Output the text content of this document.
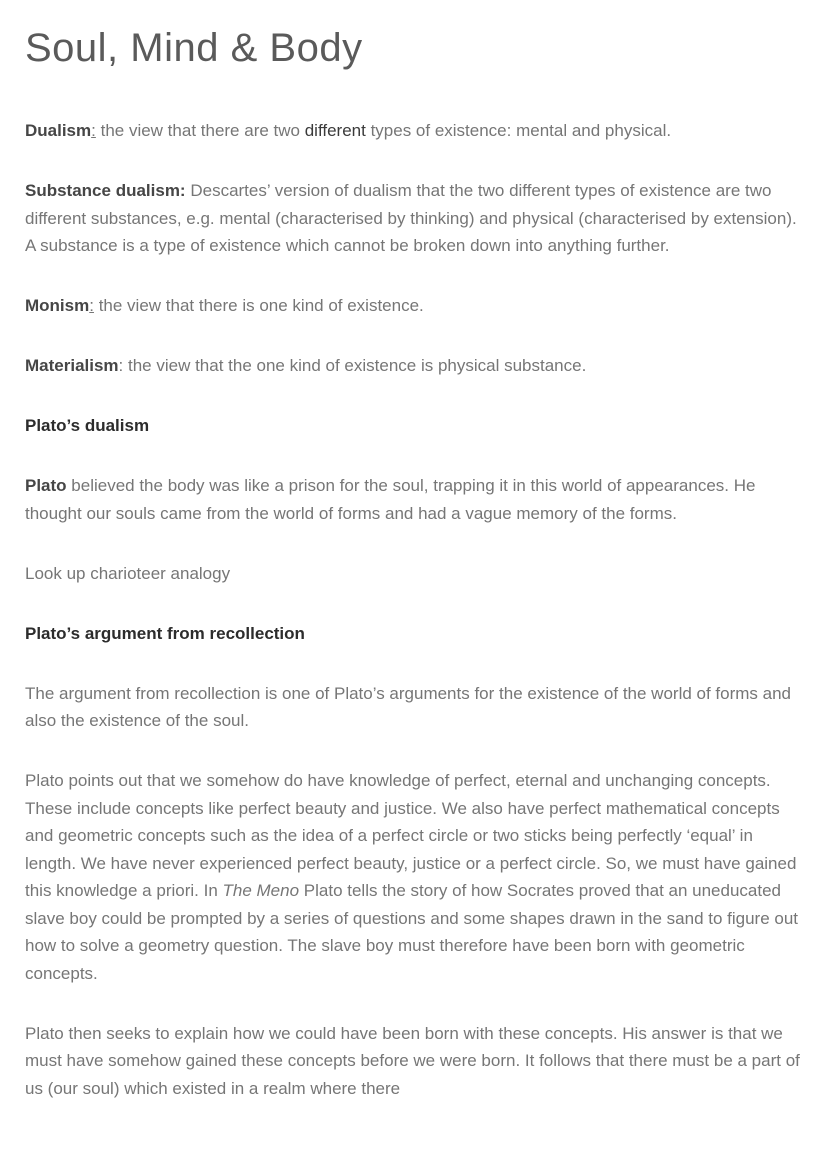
Soul, Mind & Body

Dualism: the view that there are two different types of existence: mental and physical.

Substance dualism: Descartes’ version of dualism that the two different types of existence are two different substances, e.g. mental (characterised by thinking) and physical (characterised by extension). A substance is a type of existence which cannot be broken down into anything further.

Monism: the view that there is one kind of existence.

Materialism: the view that the one kind of existence is physical substance.

Plato’s dualism

Plato believed the body was like a prison for the soul, trapping it in this world of appearances. He thought our souls came from the world of forms and had a vague memory of the forms.

Look up charioteer analogy

Plato’s argument from recollection

The argument from recollection is one of Plato’s arguments for the existence of the world of forms and also the existence of the soul.

Plato points out that we somehow do have knowledge of perfect, eternal and unchanging concepts. These include concepts like perfect beauty and justice. We also have perfect mathematical concepts and geometric concepts such as the idea of a perfect circle or two sticks being perfectly ‘equal’ in length. We have never experienced perfect beauty, justice or a perfect circle. So, we must have gained this knowledge a priori. In The Meno Plato tells the story of how Socrates proved that an uneducated slave boy could be prompted by a series of questions and some shapes drawn in the sand to figure out how to solve a geometry question. The slave boy must therefore have been born with geometric concepts.

Plato then seeks to explain how we could have been born with these concepts. His answer is that we must have somehow gained these concepts before we were born. It follows that there must be a part of us (our soul) which existed in a realm where there
